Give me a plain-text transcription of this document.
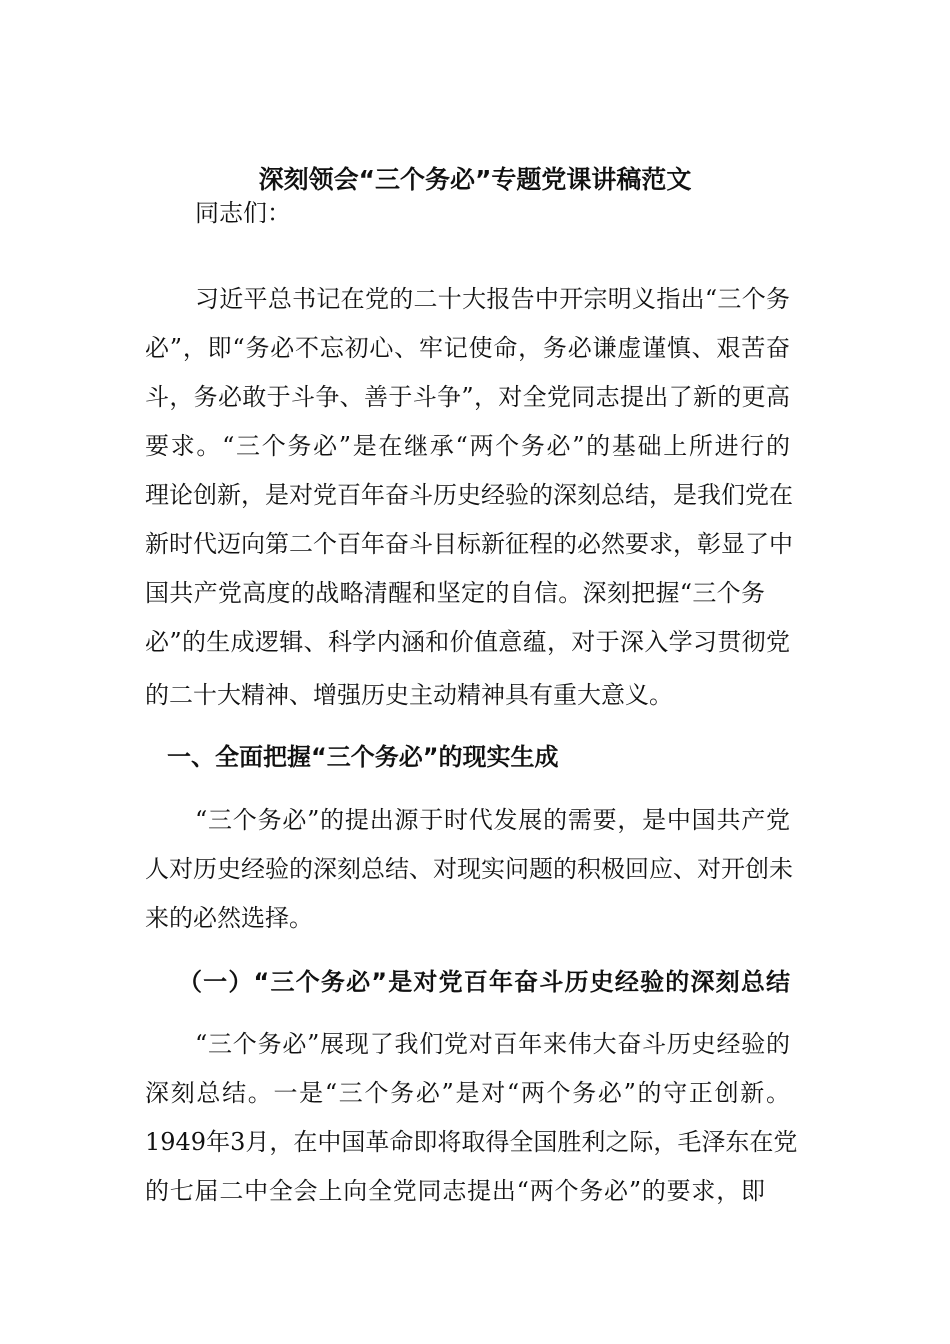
深刻领会“三个务必”专题党课讲稿范文
同志们：
习近平总书记在党的二十大报告中开宗明义指出“三个务
必”，即“务必不忘初心、牢记使命，务必谦虚谨慎、艰苦奋
斗，务必敢于斗争、善于斗争”，对全党同志提出了新的更高
要求。“三个务必”是在继承“两个务必”的基础上所进行的
理论创新，是对党百年奋斗历史经验的深刻总结，是我们党在
新时代迈向第二个百年奋斗目标新征程的必然要求，彰显了中
国共产党高度的战略清醒和坚定的自信。深刻把握“三个务
必”的生成逻辑、科学内涵和价值意蕴，对于深入学习贯彻党
的二十大精神、增强历史主动精神具有重大意义。
一、全面把握“三个务必”的现实生成
“三个务必”的提出源于时代发展的需要，是中国共产党
人对历史经验的深刻总结、对现实问题的积极回应、对开创未
来的必然选择。
（一）“三个务必”是对党百年奋斗历史经验的深刻总结
“三个务必”展现了我们党对百年来伟大奋斗历史经验的
深刻总结。一是“三个务必”是对“两个务必”的守正创新。
1949年3月，在中国革命即将取得全国胜利之际，毛泽东在党
的七届二中全会上向全党同志提出“两个务必”的要求，即
